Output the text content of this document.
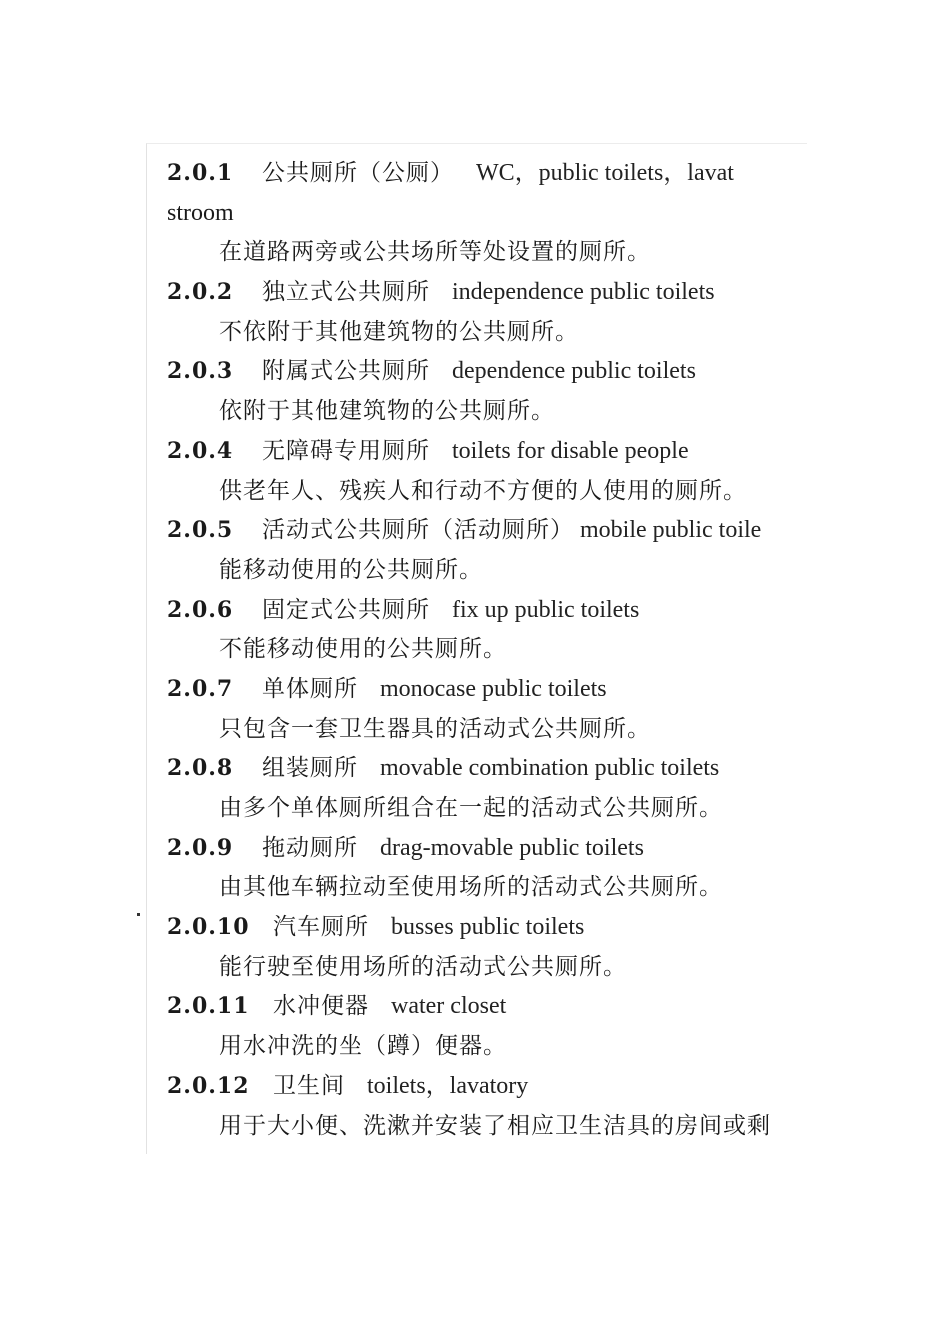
2.0.1 公共厕所（公厕） WC，public toilets，lavat
stroom
在道路两旁或公共场所等处设置的厕所。
2.0.2 独立式公共厕所 independence public toilets
不依附于其他建筑物的公共厕所。
2.0.3 附属式公共厕所 dependence public toilets
依附于其他建筑物的公共厕所。
2.0.4 无障碍专用厕所 toilets for disable people
供老年人、残疾人和行动不方便的人使用的厕所。
2.0.5 活动式公共厕所（活动厕所） mobile public toile
能移动使用的公共厕所。
2.0.6 固定式公共厕所 fix up public toilets
不能移动使用的公共厕所。
2.0.7 单体厕所 monocase public toilets
只包含一套卫生器具的活动式公共厕所。
2.0.8 组装厕所 movable combination public toilets
由多个单体厕所组合在一起的活动式公共厕所。
2.0.9 拖动厕所 drag-movable public toilets
由其他车辆拉动至使用场所的活动式公共厕所。
2.0.10 汽车厕所 busses public toilets
能行驶至使用场所的活动式公共厕所。
2.0.11 水冲便器 water closet
用水冲洗的坐（蹲）便器。
2.0.12 卫生间 toilets，lavatory
用于大小便、洗漱并安装了相应卫生洁具的房间或剩
